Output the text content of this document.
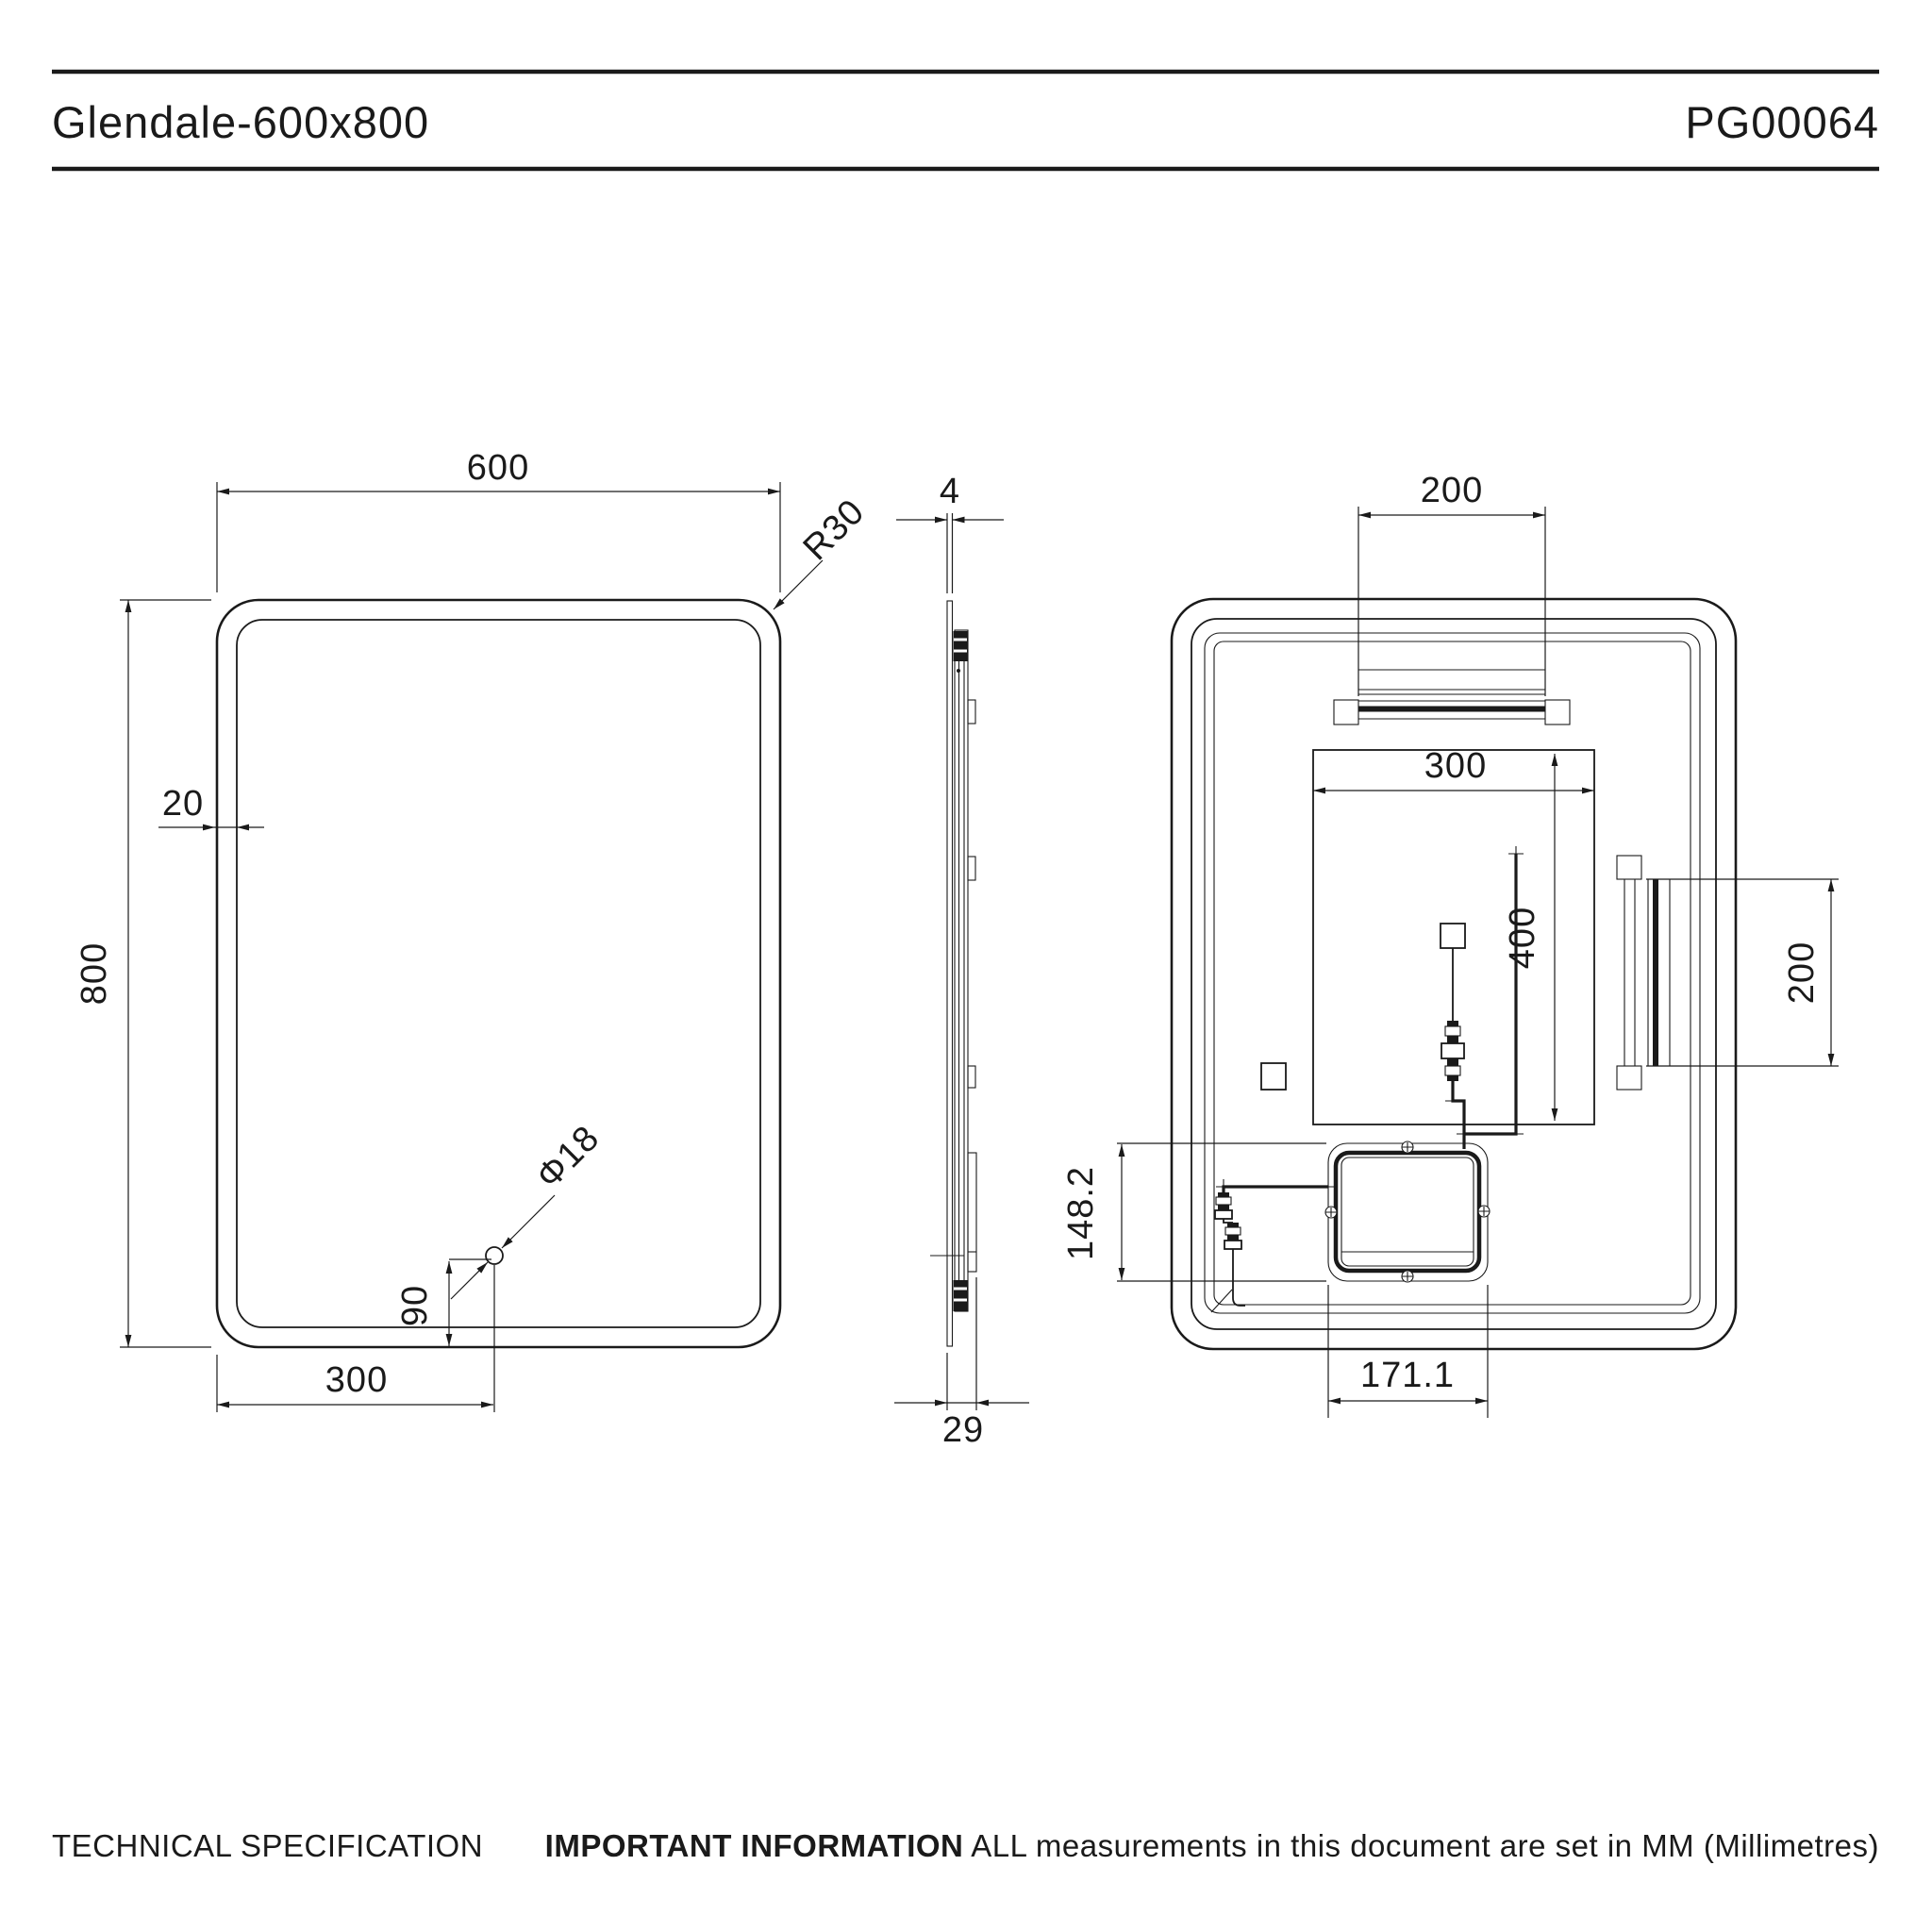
Glendale-600x800	PG00064
600
800
20
R30
Φ18
90
300
4
29
200
200
300
400
171.1
148.2
TECHNICAL SPECIFICATION IMPORTANT INFORMATION ALL measurements in this document are set in MM (Millimetres)
